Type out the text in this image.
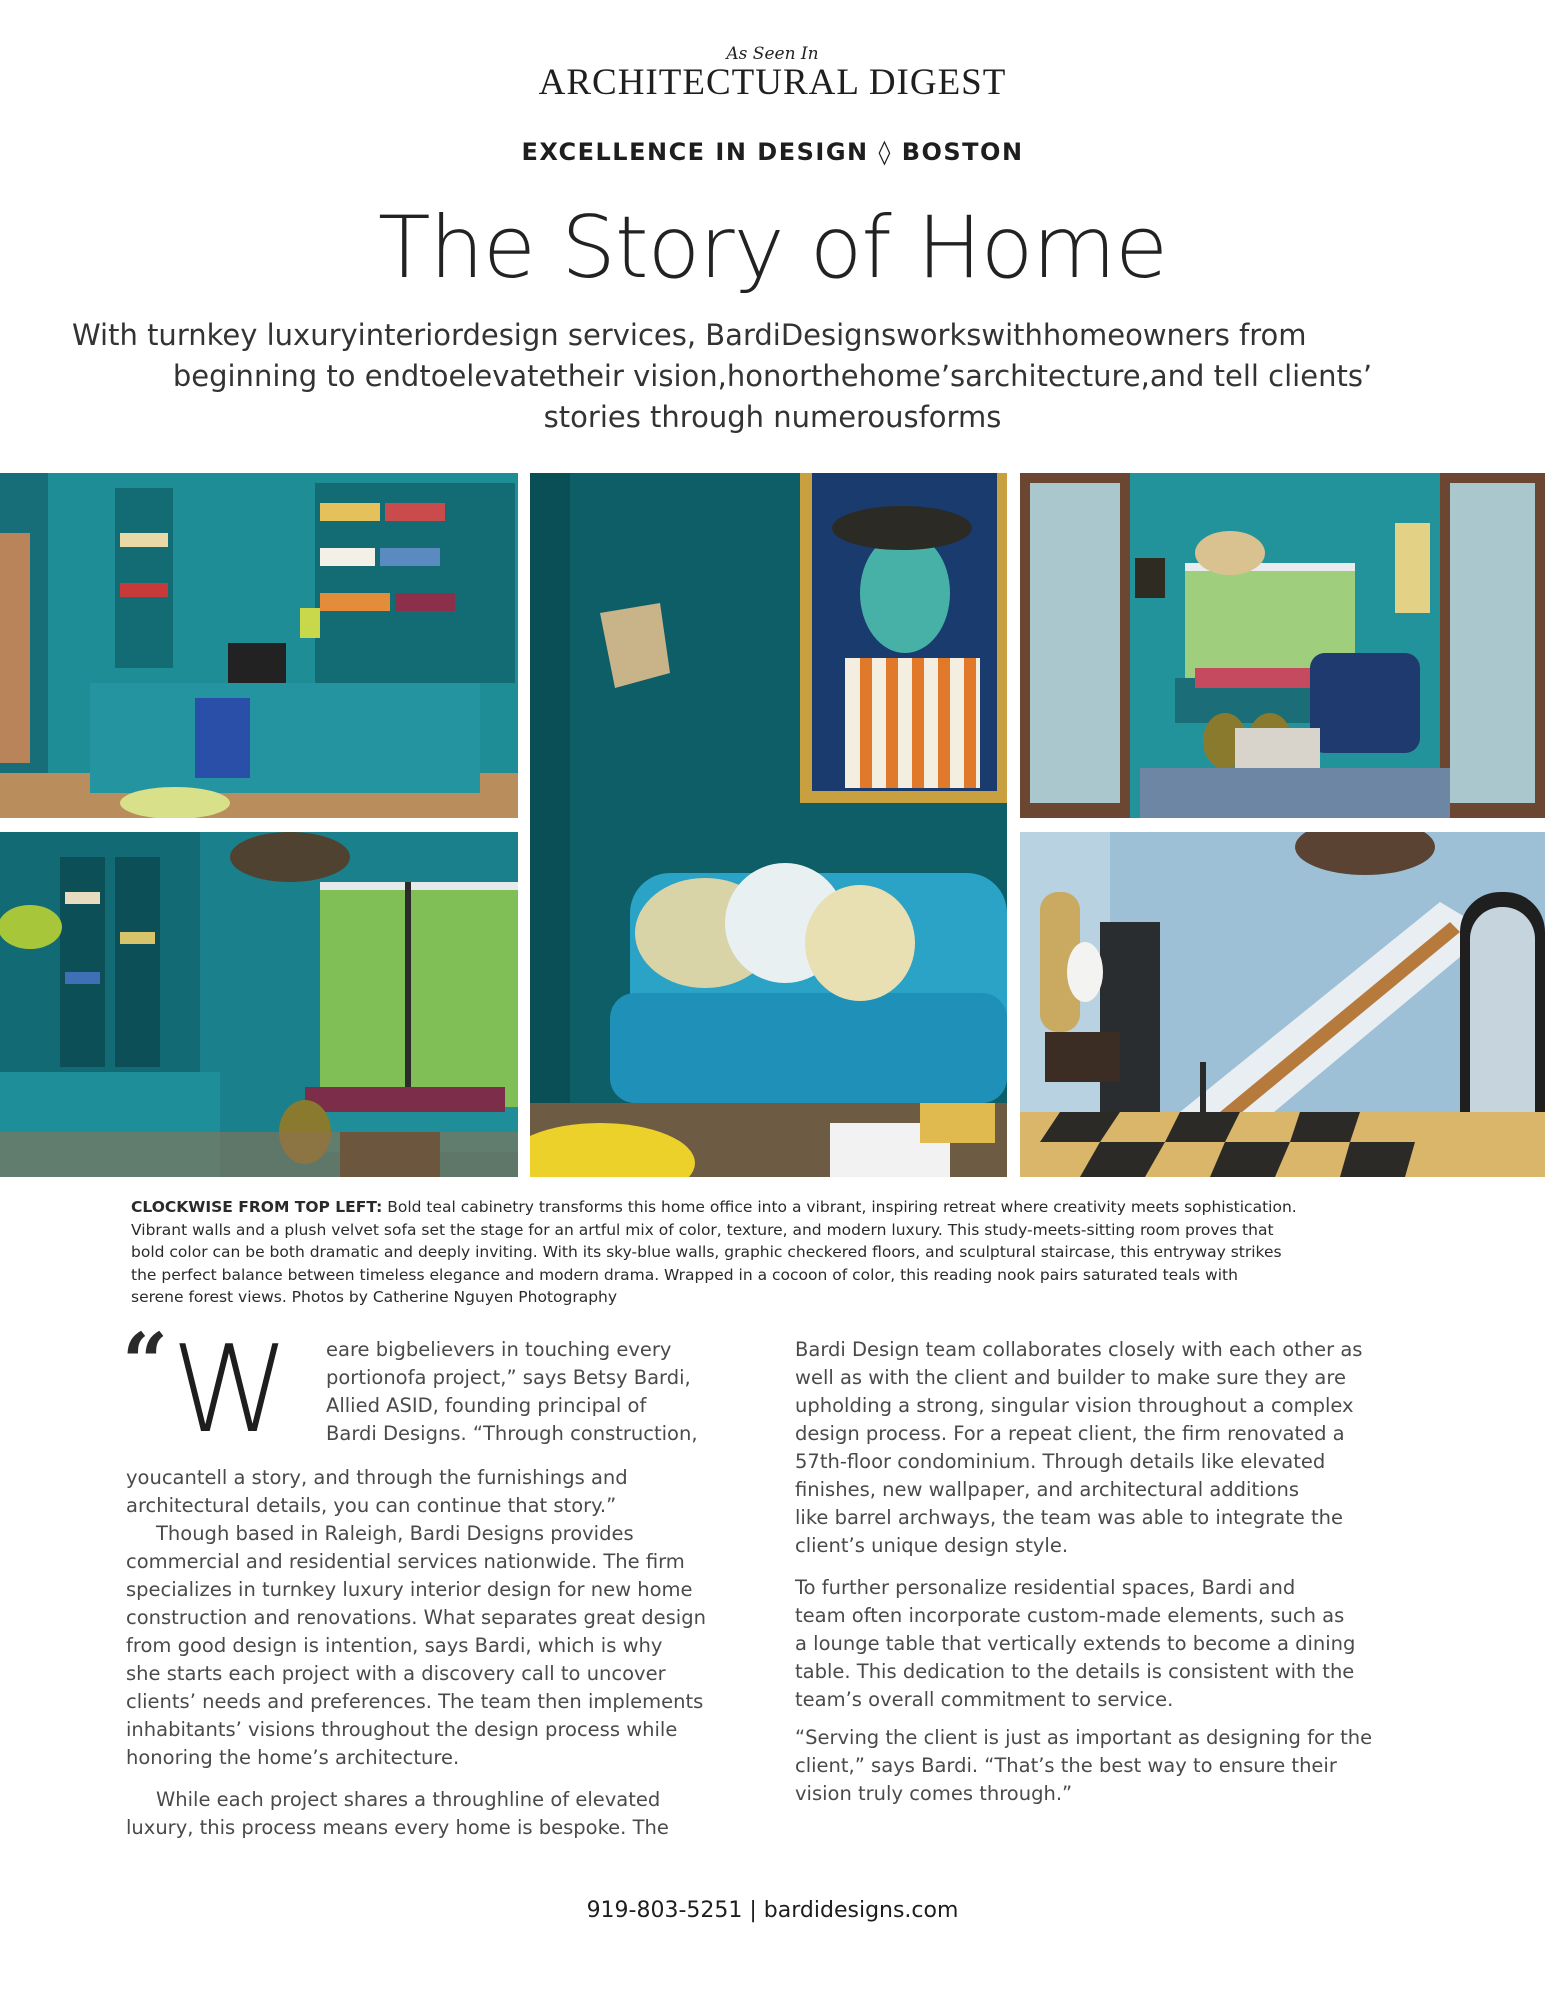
As Seen In
ARCHITECTURAL DIGEST
EXCELLENCE IN DESIGN ◊ BOSTON
The Story of Home
With turnkey luxuryinteriordesign services, BardiDesignsworkswithhomeowners from
beginning to endtoelevatetheir vision,honorthehome’sarchitecture,and tell clients’
stories through numerousforms
CLOCKWISE FROM TOP LEFT: Bold teal cabinetry transforms this home office into a vibrant, inspiring retreat where creativity meets sophistication.
Vibrant walls and a plush velvet sofa set the stage for an artful mix of color, texture, and modern luxury. This study-meets-sitting room proves that
bold color can be both dramatic and deeply inviting. With its sky-blue walls, graphic checkered floors, and sculptural staircase, this entryway strikes
the perfect balance between timeless elegance and modern drama. Wrapped in a cocoon of color, this reading nook pairs saturated teals with
serene forest views. Photos by Catherine Nguyen Photography
“ W eare bigbelievers in touching every

portionofa project,” says Betsy Bardi,

Allied ASID, founding principal of

Bardi Designs. “Through construction,

youcantell a story, and through the furnishings and

architectural details, you can continue that story.”

Though based in Raleigh, Bardi Designs provides

commercial and residential services nationwide. The firm

specializes in turnkey luxury interior design for new home

construction and renovations. What separates great design

from good design is intention, says Bardi, which is why

she starts each project with a discovery call to uncover

clients’ needs and preferences. The team then implements

inhabitants’ visions throughout the design process while

honoring the home’s architecture.

While each project shares a throughline of elevated

luxury, this process means every home is bespoke. The

Bardi Design team collaborates closely with each other as

well as with the client and builder to make sure they are

upholding a strong, singular vision throughout a complex

design process. For a repeat client, the firm renovated a

57th-floor condominium. Through details like elevated

finishes, new wallpaper, and architectural additions

like barrel archways, the team was able to integrate the

client’s unique design style.

To further personalize residential spaces, Bardi and

team often incorporate custom-made elements, such as

a lounge table that vertically extends to become a dining

table. This dedication to the details is consistent with the

team’s overall commitment to service.

“Serving the client is just as important as designing for the

client,” says Bardi. “That’s the best way to ensure their

vision truly comes through.”

919-803-5251 | bardidesigns.com
